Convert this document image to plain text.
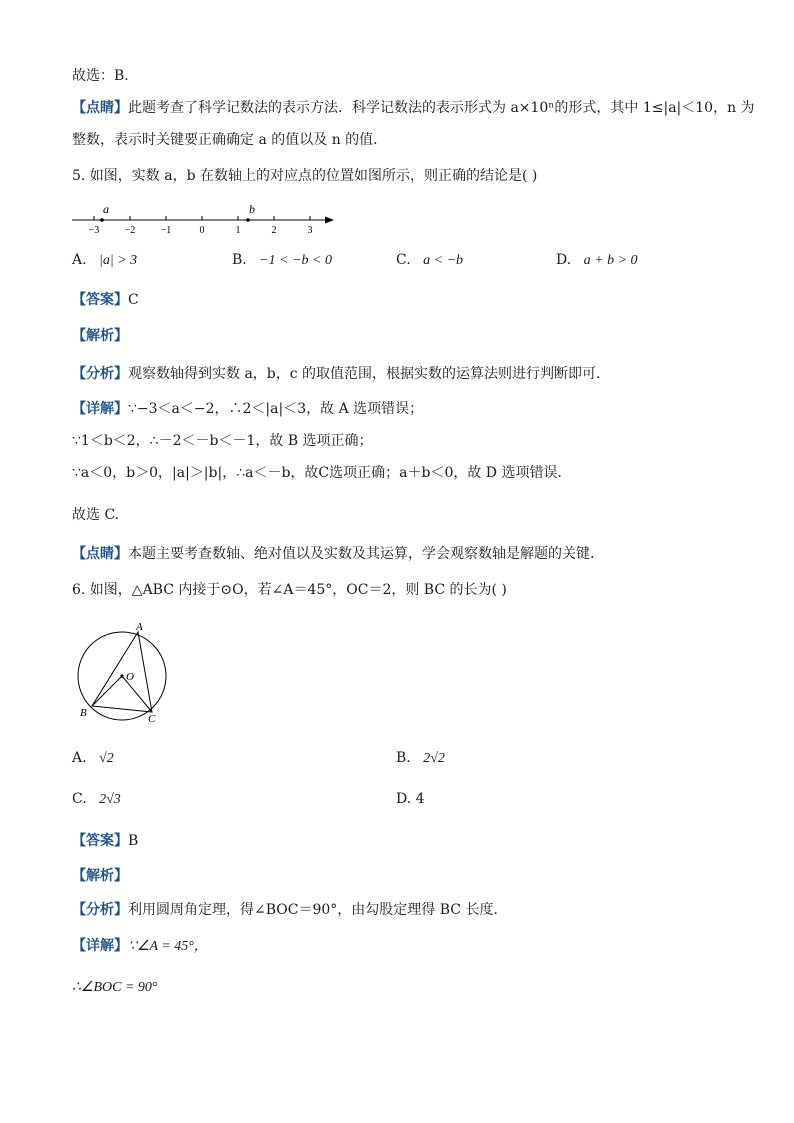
故选：B．
【点睛】此题考查了科学记数法的表示方法．科学记数法的表示形式为 a×10ⁿ的形式，其中 1≤|a|＜10，n 为
整数，表示时关键要正确确定 a 的值以及 n 的值．
5. 如图，实数 a，b 在数轴上的对应点的位置如图所示，则正确的结论是( )
−3	−2	−1	0	1	2	3
a	b
A. |a| > 3	B. −1 < −b < 0	C. a < −b	D. a + b > 0
【答案】C
【解析】
【分析】观察数轴得到实数 a，b，c 的取值范围，根据实数的运算法则进行判断即可.
【详解】∵−3＜a＜−2，∴2＜|a|＜3，故 A 选项错误；
∵1＜b＜2，∴－2＜－b＜－1，故 B 选项正确；
∵a＜0，b＞0，|a|＞|b|，∴a＜－b，故C选项正确；a＋b＜0，故 D 选项错误．
故选 C.
【点睛】本题主要考查数轴、绝对值以及实数及其运算，学会观察数轴是解题的关键.
6. 如图，△ABC 内接于⊙O，若∠A＝45°，OC＝2，则 BC 的长为( )
A
B	C
O
A. √2	B. 2√2
C. 2√3	D. 4
【答案】B
【解析】
【分析】利用圆周角定理，得∠BOC＝90°，由勾股定理得 BC 长度．
【详解】∵∠A = 45°，
∴∠BOC = 90°
